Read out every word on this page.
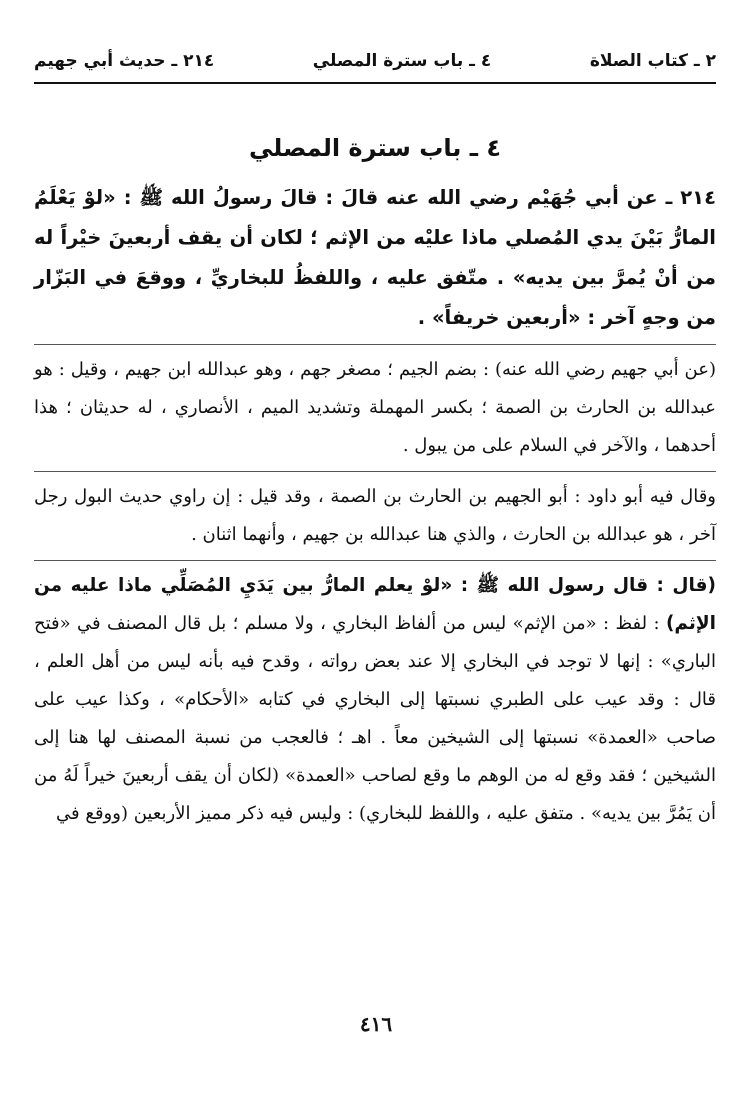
٢ ـ كتاب الصلاة
٤ ـ باب سترة المصلي
٢١٤ ـ حديث أبي جهيم
٤ ـ باب سترة المصلي

٢١٤ ـ عن أبي جُهَيْم رضي الله عنه قالَ : قالَ رسولُ الله ﷺ : «لوْ يَعْلَمُ المارُّ بَيْنَ يدي المُصلي ماذا عليْه من الإثم ؛ لكان أن يقف أربعينَ خيْراً له من أنْ يُمرَّ بين يديه» . متّفق عليه ، واللفظُ للبخاريِّ ، ووقعَ في البَزّار من وجهٍ آخر : «أربعين خريفاً» .

(عن أبي جهيم رضي الله عنه) : بضم الجيم ؛ مصغر جهم ، وهو عبدالله ابن جهيم ، وقيل : هو عبدالله بن الحارث بن الصمة ؛ بكسر المهملة وتشديد الميم ، الأنصاري ، له حديثان ؛ هذا أحدهما ، والآخر في السلام على من يبول .

وقال فيه أبو داود : أبو الجهيم بن الحارث بن الصمة ، وقد قيل : إن راوي حديث البول رجل آخر ، هو عبدالله بن الحارث ، والذي هنا عبدالله بن جهيم ، وأنهما اثنان .

(قال : قال رسول الله ﷺ : «لوْ يعلم المارُّ بين يَدَيِ المُصَلِّي ماذا عليه من الإثم) : لفظ : «من الإثم» ليس من ألفاظ البخاري ، ولا مسلم ؛ بل قال المصنف في «فتح الباري» : إنها لا توجد في البخاري إلا عند بعض رواته ، وقدح فيه بأنه ليس من أهل العلم ، قال : وقد عيب على الطبري نسبتها إلى البخاري في كتابه «الأحكام» ، وكذا عيب على صاحب «العمدة» نسبتها إلى الشيخين معاً . اهـ ؛ فالعجب من نسبة المصنف لها هنا إلى الشيخين ؛ فقد وقع له من الوهم ما وقع لصاحب «العمدة» (لكان أن يقف أربعينَ خيراً لَهُ من أن يَمُرَّ بين يديه» . متفق عليه ، واللفظ للبخاري) : وليس فيه ذكر مميز الأربعين (ووقع في

٤١٦
